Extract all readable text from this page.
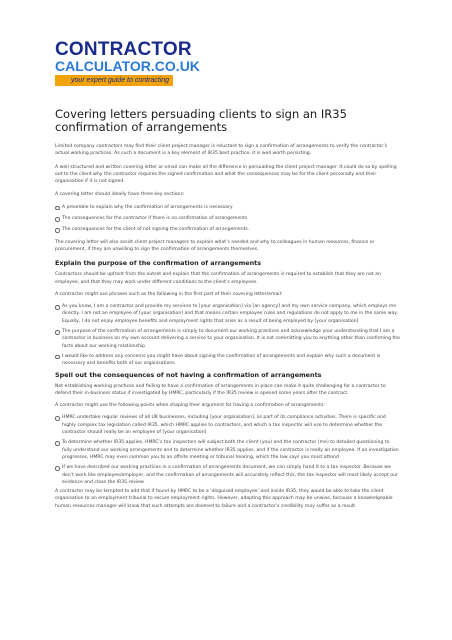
CONTRACTOR
CALCULATOR.CO.UK
your expert guide to contracting
Covering letters persuading clients to sign an IR35 confirmation of arrangements

Limited company contractors may find their client project manager is reluctant to sign a confirmation of arrangements to verify the contractor’s actual working practices. As such a document is a key element of IR35 best practice, it is well worth persisting.

A well structured and written covering letter or email can make all the difference in persuading the client project manager. It could do so by spelling out to the client why the contractor requires the signed confirmation and what the consequences may be for the client personally and their organisation if it is not signed.

A covering letter should ideally have three key sections:

A preamble to explain why the confirmation of arrangements is necessary
The consequences for the contractor if there is no confirmation of arrangements
The consequences for the client of not signing the confirmation of arrangements.

The covering letter will also assist client project managers to explain what’s needed and why to colleagues in human resources, finance or procurement, if they are unwilling to sign the confirmation of arrangements themselves.

Explain the purpose of the confirmation of arrangements

Contractors should be upfront from the outset and explain that the confirmation of arrangements is required to establish that they are not an employee, and that they may work under different conditions to the client’s employees.

A contractor might use phrases such as the following in the first part of their covering letter/email:

As you know, I am a contractor and provide my services to [your organisation] via [an agency] and my own service company, which employs me directly. I am not an employee of [your organisation] and that means certain employee rules and regulations do not apply to me in the same way. Equally, I do not enjoy employee benefits and employment rights that arise as a result of being employed by [your organisation]
The purpose of the confirmation of arrangements is simply to document our working practices and acknowledge your understanding that I am a contractor in business on my own account delivering a service to your organisation. It is not committing you to anything other than confirming the facts about our working relationship
I would like to address any concerns you might have about signing the confirmation of arrangements and explain why such a document is necessary and benefits both of our organisations.
Spell out the consequences of not having a confirmation of arrangements

Not establishing working practices and failing to have a confirmation of arrangements in place can make it quite challenging for a contractor to defend their in-business status if investigated by HMRC, particularly if the IR35 review is opened some years after the contract.

A contractor might use the following points when shaping their argument for having a confirmation of arrangements:

HMRC undertake regular reviews of all UK businesses, including [your organisation], as part of its compliance activities. There is specific and highly complex tax legislation called IR35, which HMRC applies to contractors, and which a tax inspector will use to determine whether the contractor should really be an employee of [your organisation]
To determine whether IR35 applies, HMRC’s tax inspectors will subject both the client (you) and the contractor (me) to detailed questioning to fully understand our working arrangements and to determine whether IR35 applies, and if the contractor is really an employee. If an investigation progresses, HMRC may even summon you to an offsite meeting or tribunal hearing, which the law says you must attend
If we have described our working practices in a confirmation of arrangements document, we can simply hand it to a tax inspector. Because we don’t work like employee/employer, and the confirmation of arrangements will accurately reflect this, the tax inspector will most likely accept our evidence and close the IR35 review.

A contractor may be tempted to add that if found by HMRC to be a ‘disguised employee’ and inside IR35, they would be able to take the client organisation to an employment tribunal to secure employment rights. However, adopting this approach may be unwise, because a knowledgeable human resources manager will know that such attempts are doomed to failure and a contractor’s credibility may suffer as a result.
